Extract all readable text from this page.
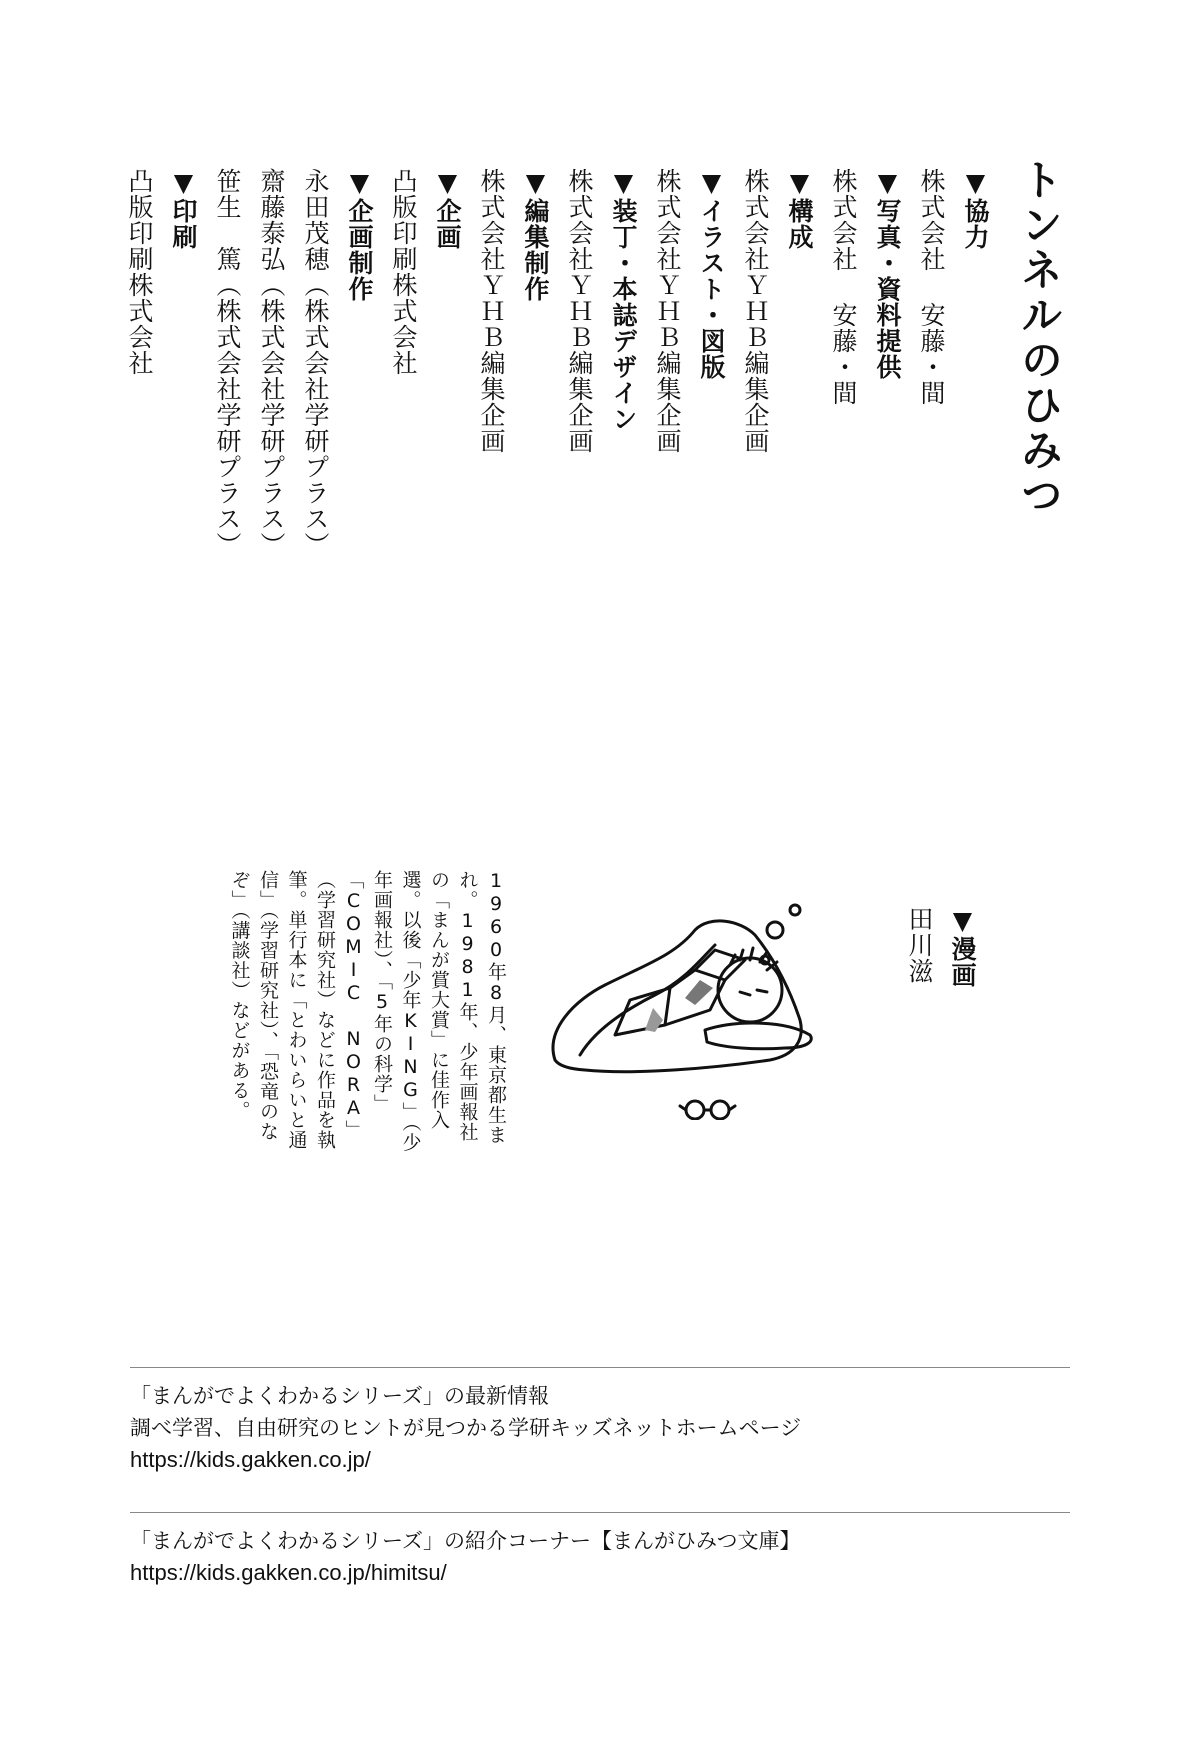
トンネルのひみつ
▼協力
株式会社 安藤・間
▼写真・資料提供
株式会社 安藤・間
▼構成
株式会社ＹＨＢ編集企画
▼イラスト・図版
株式会社ＹＨＢ編集企画
▼装丁・本誌デザイン
株式会社ＹＨＢ編集企画
▼編集制作
株式会社ＹＨＢ編集企画
▼企画
凸版印刷株式会社
▼企画制作
永田茂穂（株式会社学研プラス）
齋藤泰弘（株式会社学研プラス）
笹生　篤（株式会社学研プラス）
▼印刷
凸版印刷株式会社
▼漫画
田川滋
1960年8月、東京都生まれ。1981年、少年画報社の「まんが賞大賞」に佳作入選。以後「少年KING」（少年画報社）、「5年の科学」「COMIC NORA」（学習研究社）などに作品を執筆。単行本に「とわいらいと通信」（学習研究社）、「恐竜のなぞ」（講談社）などがある。
「まんがでよくわかるシリーズ」の最新情報
調べ学習、自由研究のヒントが見つかる学研キッズネットホームページ
https://kids.gakken.co.jp/
「まんがでよくわかるシリーズ」の紹介コーナー【まんがひみつ文庫】
https://kids.gakken.co.jp/himitsu/
